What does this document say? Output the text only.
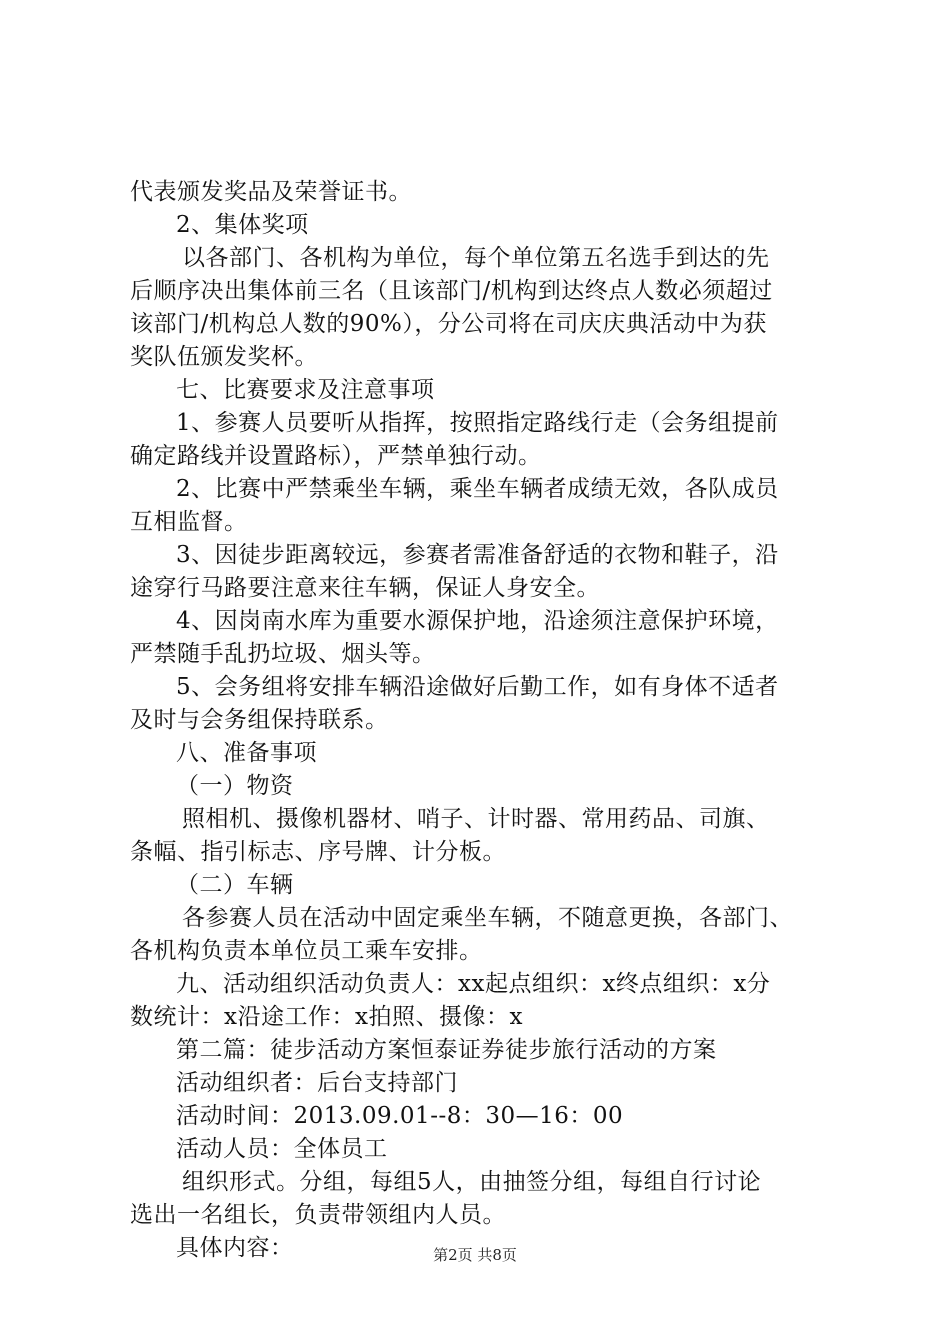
代表颁发奖品及荣誉证书。
2、集体奖项
以各部门、各机构为单位，每个单位第五名选手到达的先
后顺序决出集体前三名（且该部门/机构到达终点人数必须超过
该部门/机构总人数的90%），分公司将在司庆庆典活动中为获
奖队伍颁发奖杯。
七、比赛要求及注意事项
1、参赛人员要听从指挥，按照指定路线行走（会务组提前
确定路线并设置路标），严禁单独行动。
2、比赛中严禁乘坐车辆，乘坐车辆者成绩无效，各队成员
互相监督。
3、因徒步距离较远，参赛者需准备舒适的衣物和鞋子，沿
途穿行马路要注意来往车辆，保证人身安全。
4、因岗南水库为重要水源保护地，沿途须注意保护环境，
严禁随手乱扔垃圾、烟头等。
5、会务组将安排车辆沿途做好后勤工作，如有身体不适者
及时与会务组保持联系。
八、准备事项
（一）物资
照相机、摄像机器材、哨子、计时器、常用药品、司旗、
条幅、指引标志、序号牌、计分板。
（二）车辆
各参赛人员在活动中固定乘坐车辆，不随意更换，各部门、
各机构负责本单位员工乘车安排。
九、活动组织活动负责人：xx起点组织：x终点组织：x分
数统计：x沿途工作：x拍照、摄像：x
第二篇：徒步活动方案恒泰证券徒步旅行活动的方案
活动组织者：后台支持部门
活动时间：2013.09.01--8：30—16：00
活动人员：全体员工
组织形式。分组，每组5人，由抽签分组，每组自行讨论
选出一名组长，负责带领组内人员。
具体内容：	第2页 共8页
